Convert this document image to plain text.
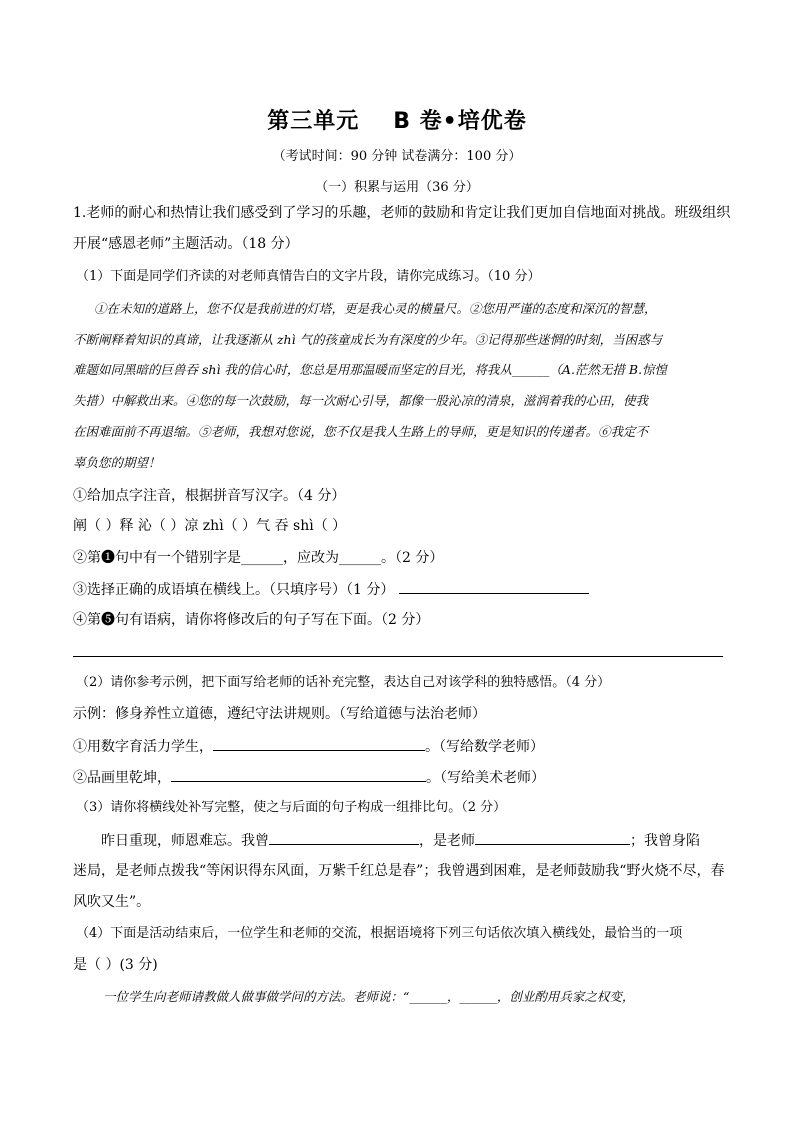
第三单元 B 卷•培优卷
（考试时间：90 分钟 试卷满分：100 分）
（一）积累与运用（36 分）
1.老师的耐心和热情让我们感受到了学习的乐趣，老师的鼓励和肯定让我们更加自信地面对挑战。班级组织
开展“感恩老师”主题活动。（18 分）
（1）下面是同学们齐读的对老师真情告白的文字片段，请你完成练习。（10 分）
①在未知的道路上，您不仅是我前进的灯塔，更是我心灵的横量尺。②您用严谨的态度和深沉的智慧，
不断阐释着知识的真谛，让我逐渐从 zhì 气的孩童成长为有深度的少年。③记得那些迷惘的时刻，当困惑与
难题如同黑暗的巨兽吞 shì 我的信心时，您总是用那温暖而坚定的目光，将我从______（A.茫然无措 B.惊惶
失措）中解救出来。④您的每一次鼓励，每一次耐心引导，都像一股沁凉的清泉，滋润着我的心田，使我
在困难面前不再退缩。⑤老师，我想对您说，您不仅是我人生路上的导师，更是知识的传递者。⑥我定不
辜负您的期望！
①给加点字注音，根据拼音写汉字。（4 分）
阐（ ）释 沁（ ）凉 zhì（ ）气 吞 shì（ ）
②第❶句中有一个错别字是______，应改为______。（2 分）
③选择正确的成语填在横线上。（只填序号）（1 分）
④第❺句有语病，请你将修改后的句子写在下面。（2 分）
（2）请你参考示例，把下面写给老师的话补充完整，表达自己对该学科的独特感悟。（4 分）
示例：修身养性立道德，遵纪守法讲规则。（写给道德与法治老师）
①用数字育活力学生，	。（写给数学老师）
②品画里乾坤，	。（写给美术老师）
（3）请你将横线处补写完整，使之与后面的句子构成一组排比句。（2 分）
昨日重现，师恩难忘。我曾	，是老师	；我曾身陷
迷局，是老师点拨我“等闲识得东风面，万紫千红总是春”；我曾遇到困难，是老师鼓励我“野火烧不尽，春
风吹又生”。
（4）下面是活动结束后，一位学生和老师的交流，根据语境将下列三句话依次填入横线处，最恰当的一项
是（ ）(3 分)
一位学生向老师请教做人做事做学问的方法。老师说：“______，______，创业酌用兵家之权变，
